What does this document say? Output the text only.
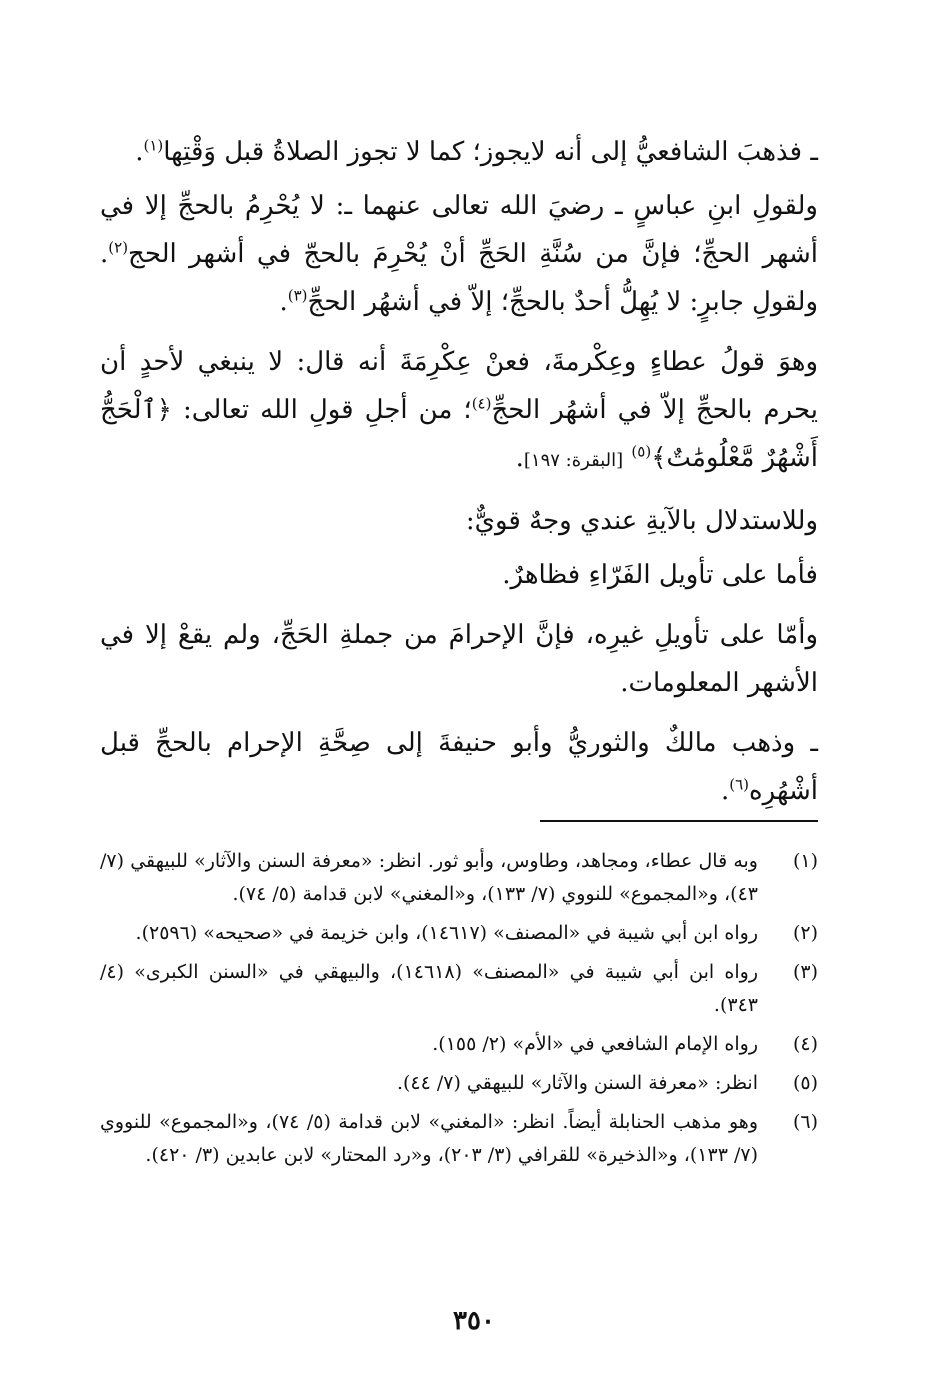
ـ فذهبَ الشافعيُّ إلى أنه لايجوز؛ كما لا تجوز الصلاةُ قبل وَقْتِها$^{(١)}$.

ولقولِ ابنِ عباسٍ ـ رضيَ الله تعالى عنهما ـ: لا يُحْرِمُ بالحجِّ إلا في أشهر الحجِّ؛ فإنَّ من سُنَّةِ الحَجِّ أنْ يُحْرِمَ بالحجّ في أشهر الحج$^{(٢)}$. ولقولِ جابرٍ: لا يُهِلُّ أحدٌ بالحجِّ؛ إلاّ في أشهُر الحجِّ$^{(٣)}$.

وهوَ قولُ عطاءٍ وعِكْرمةَ، فعنْ عِكْرِمَةَ أنه قال: لا ينبغي لأحدٍ أن يحرم بالحجِّ إلاّ في أشهُر الحجِّ$^{(٤)}$؛ من أجلِ قولِ الله تعالى: ﴿ٱلْحَجُّ أَشْهُرٌ مَّعْلُومَٰتٌ﴾$^{(٥)}$ [البقرة: ١٩٧].

وللاستدلال بالآيةِ عندي وجهٌ قويٌّ:

فأما على تأويل الفَرّاءِ فظاهرٌ.

وأمّا على تأويلِ غيرِه، فإنَّ الإحرامَ من جملةِ الحَجِّ، ولم يقعْ إلا في الأشهر المعلومات.

ـ وذهب مالكٌ والثوريُّ وأبو حنيفةَ إلى صِحَّةِ الإحرام بالحجِّ قبل أشْهُرِه$^{(٦)}$.

(١)
وبه قال عطاء، ومجاهد، وطاوس، وأبو ثور. انظر: «معرفة السنن والآثار» للبيهقي (٧/ ٤٣)، و«المجموع» للنووي (٧/ ١٣٣)، و«المغني» لابن قدامة (٥/ ٧٤).
(٢)
رواه ابن أبي شيبة في «المصنف» (١٤٦١٧)، وابن خزيمة في «صحيحه» (٢٥٩٦).
(٣)
رواه ابن أبي شيبة في «المصنف» (١٤٦١٨)، والبيهقي في «السنن الكبرى» (٤/ ٣٤٣).
(٤)
رواه الإمام الشافعي في «الأم» (٢/ ١٥٥).
(٥)
انظر: «معرفة السنن والآثار» للبيهقي (٧/ ٤٤).
(٦)
وهو مذهب الحنابلة أيضاً. انظر: «المغني» لابن قدامة (٥/ ٧٤)، و«المجموع» للنووي (٧/ ١٣٣)، و«الذخيرة» للقرافي (٣/ ٢٠٣)، و«رد المحتار» لابن عابدين (٣/ ٤٢٠).
٣٥٠
